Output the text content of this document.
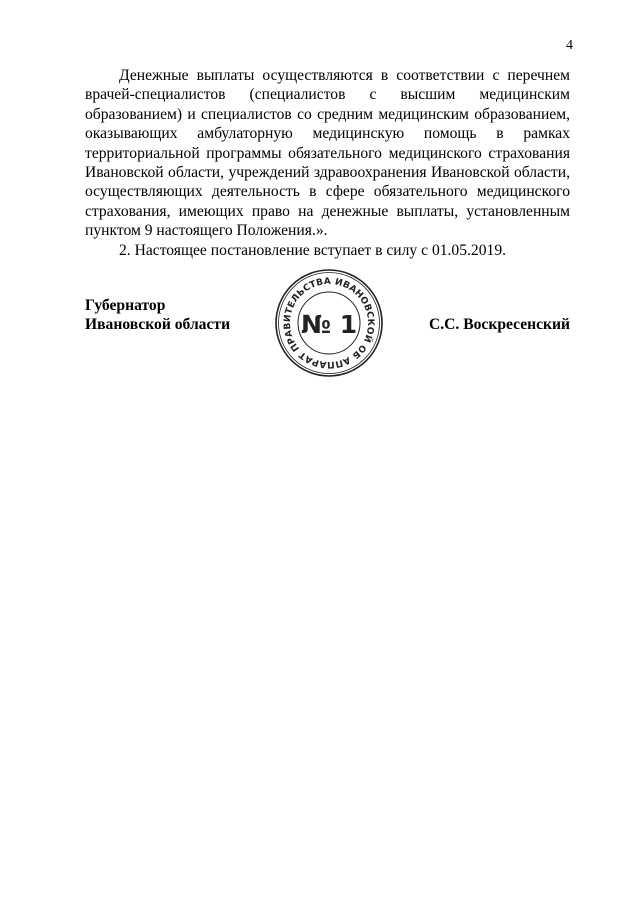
4

Денежные выплаты осуществляются в соответствии с перечнем врачей-специалистов (специалистов с высшим медицинским образованием) и специалистов со средним медицинским образованием, оказывающих амбулаторную медицинскую помощь в рамках территориальной программы обязательного медицинского страхования Ивановской области, учреждений здравоохранения Ивановской области, осуществляющих деятельность в сфере обязательного медицинского страхования, имеющих право на денежные выплаты, установленным пунктом 9 настоящего Положения.».

2. Настоящее постановление вступает в силу с 01.05.2019.

Губернатор
Ивановской области
АППАРАТ ПРАВИТЕЛЬСТВА ИВАНОВСКОЙ ОБЛАСТИ
№ 1	С.С. Воскресенский
